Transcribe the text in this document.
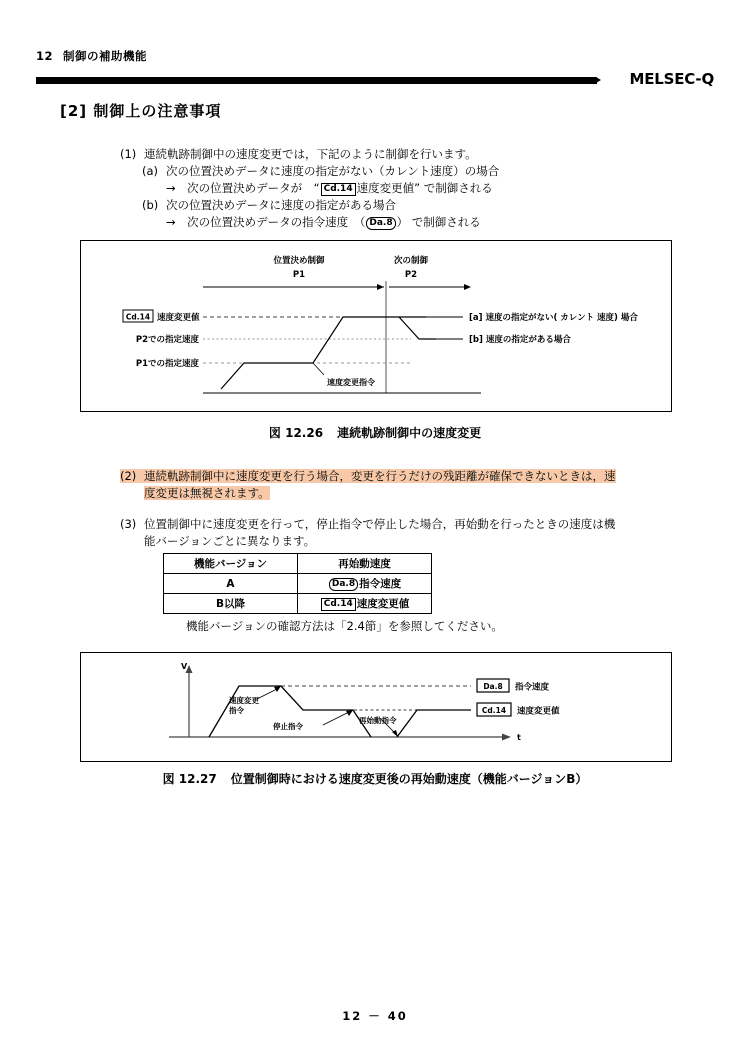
12 制御の補助機能
MELSEC-Q
[2] 制御上の注意事項
(1) 連続軌跡制御中の速度変更では，下記のように制御を行います。
(a) 次の位置決めデータに速度の指定がない（カレント速度）の場合
→　次の位置決めデータが　“ Cd.14 速度変更値” で制御される
(b) 次の位置決めデータに速度の指定がある場合
→　次の位置決めデータの指令速度　（ Da.8 ） で制御される
位置決め制御
P1
次の制御
P2
速度変更指令
Cd.14 速度変更値
P2での指定速度
P1での指定速度
[a] 速度の指定がない( カレント 速度) 場合
[b] 速度の指定がある場合
図 12.26 連続軌跡制御中の速度変更
(2) 連続軌跡制御中に速度変更を行う場合，変更を行うだけの残距離が確保できないときは，速
度変更は無視されます。
(3) 位置制御中に速度変更を行って，停止指令で停止した場合，再始動を行ったときの速度は機
能バージョンごとに異なります。
機能バージョン	再始動速度
A	Da.8 指令速度
B以降	Cd.14 速度変更値
機能バージョンの確認方法は「2.4節」を参照してください。
V
t
速度変更
指令
停止指令
再始動指令
Da.8 指令速度
Cd.14 速度変更値
図 12.27 位置制御時における速度変更後の再始動速度（機能バージョンB）
12 － 40
